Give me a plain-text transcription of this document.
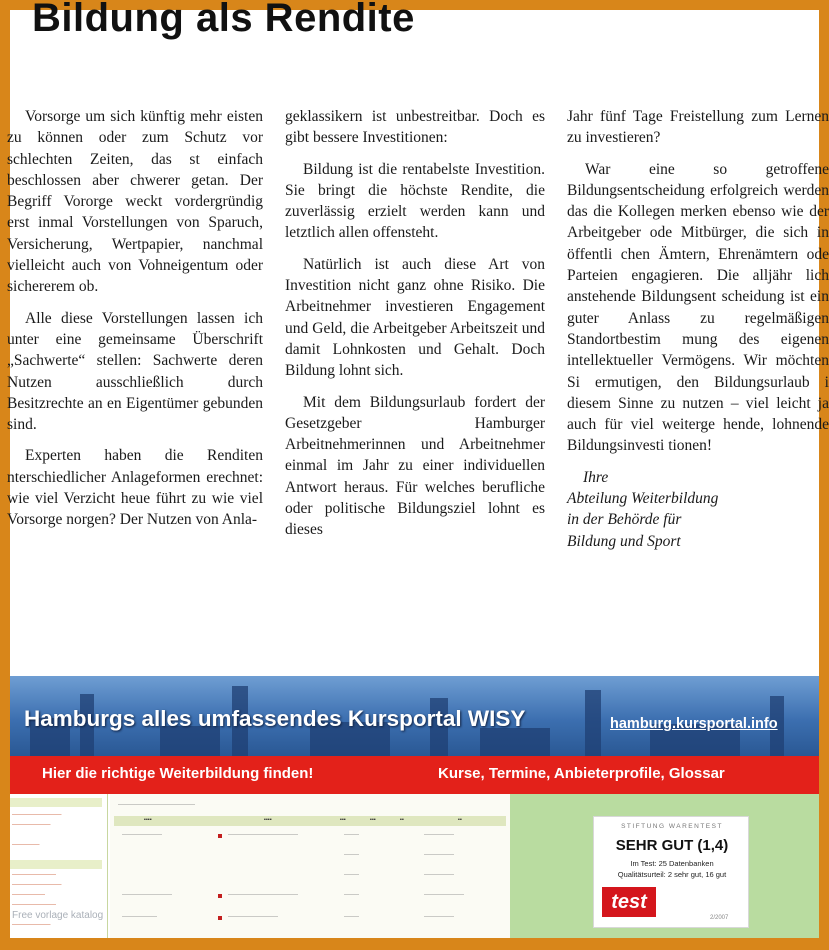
Bildung als Rendite

Vorsorge um sich künftig mehr eisten zu können oder zum Schutz vor schlechten Zeiten, das st einfach beschlossen aber chwerer getan. Der Begriff Vororge weckt vordergründig erst inmal Vorstellungen von Sparuch, Versicherung, Wertpapier, nanchmal vielleicht auch von Vohneigentum oder sichererem ob.

Alle diese Vorstellungen lassen ich unter eine gemeinsame Überschrift „Sachwerte“ stellen: Sachwerte deren Nutzen ausschließlich durch Besitzrechte an en Eigentümer gebunden sind.

Experten haben die Renditen nterschiedlicher Anlageformen erechnet: wie viel Verzicht heue führt zu wie viel Vorsorge norgen? Der Nutzen von Anla-

geklassikern ist unbestreitbar. Doch es gibt bessere Investitionen:

Bildung ist die rentabelste Investition. Sie bringt die höchste Rendite, die zuverlässig erzielt werden kann und letztlich allen offensteht.

Natürlich ist auch diese Art von Investition nicht ganz ohne Risiko. Die Arbeitnehmer investieren Engagement und Geld, die Arbeitgeber Arbeitszeit und damit Lohnkosten und Gehalt. Doch Bildung lohnt sich.

Mit dem Bildungsurlaub fordert der Gesetzgeber Hamburger Arbeitnehmerinnen und Arbeitnehmer einmal im Jahr zu einer individuellen Antwort heraus. Für welches berufliche oder politische Bildungsziel lohnt es dieses

Jahr fünf Tage Freistellung zum Lernen zu investieren?

War eine so getroffene Bildungsentscheidung erfolgreich werden das die Kollegen merken ebenso wie der Arbeitgeber ode Mitbürger, die sich in öffentli chen Ämtern, Ehrenämtern ode Parteien engagieren. Die alljähr lich anstehende Bildungsent scheidung ist ein guter Anlass zu regelmäßigen Standortbestim mung des eigenen intellektueller Vermögens. Wir möchten Si ermutigen, den Bildungsurlaub i diesem Sinne zu nutzen – viel leicht ja auch für viel weiterge hende, lohnende Bildungsinvesti tionen!

Ihre
Abteilung Weiterbildung
in der Behörde für
Bildung und Sport
Hamburgs alles umfassendes Kursportal WISY	hamburg.kursportal.info
Hier die richtige Weiterbildung finden!	Kurse, Termine, Anbieterprofile, Glossar
—————————
———————
—————
————————
—————————
——————
————————
———————
Free vorlage katalog
——————————————
▪▪▪▪	▪▪▪▪	▪▪▪	▪▪▪	▪▪	▪▪
————————	——————————————	———	——————
———	——————
———	——————
——————————	——————————————	———	————————
———————	——————————	———	——————
STIFTUNG WARENTEST
SEHR GUT (1,4)
Im Test: 25 Datenbanken
Qualitätsurteil: 2 sehr gut, 16 gut
test
2/2007
